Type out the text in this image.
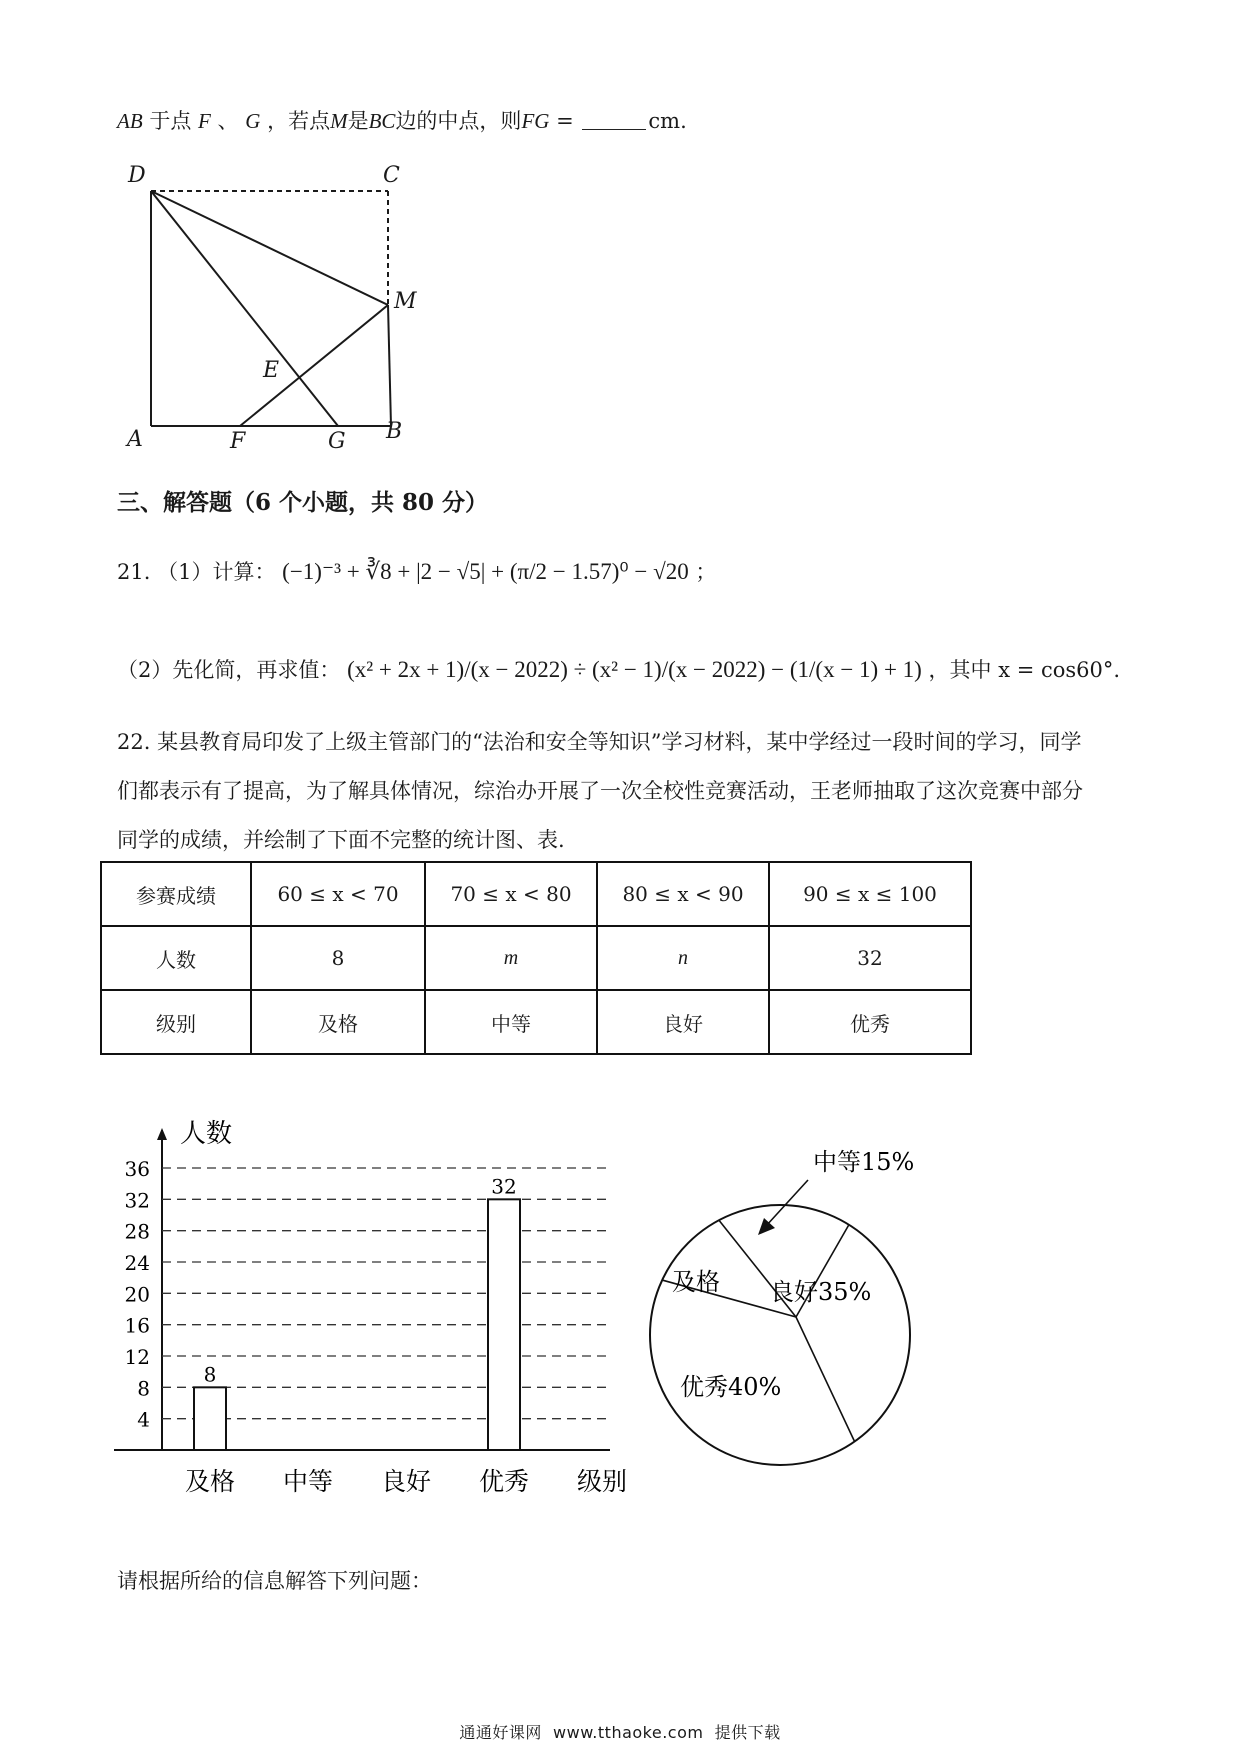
AB 于点 F 、 G ，若点M是BC边的中点，则FG =	cm.
D	C
M
E
A	F	G B
三、解答题（6 个小题，共 80 分）
21. （1）计算： (−1)⁻³ + ∛8 + |2 − √5| + (π/2 − 1.57)⁰ − √20 ；
（2）先化简，再求值： (x² + 2x + 1)/(x − 2022) ÷ (x² − 1)/(x − 2022) − (1/(x − 1) + 1) ，其中 x = cos60°.
22. 某县教育局印发了上级主管部门的“法治和安全等知识”学习材料，某中学经过一段时间的学习，同学
们都表示有了提高，为了解具体情况，综治办开展了一次全校性竞赛活动，王老师抽取了这次竞赛中部分
同学的成绩，并绘制了下面不完整的统计图、表.
参赛成绩	60 ≤ x < 70	70 ≤ x < 80	80 ≤ x < 90	90 ≤ x ≤ 100
人数	8	m	n	32
级别	及格	中等	良好	优秀
人数
4
8
12
16
20
24
28
32
36
8
及格 中等 良好
32
优秀 级别
中等15%
良好35%
优秀40%
及格
请根据所给的信息解答下列问题：
通通好课网  www.tthaoke.com  提供下载
